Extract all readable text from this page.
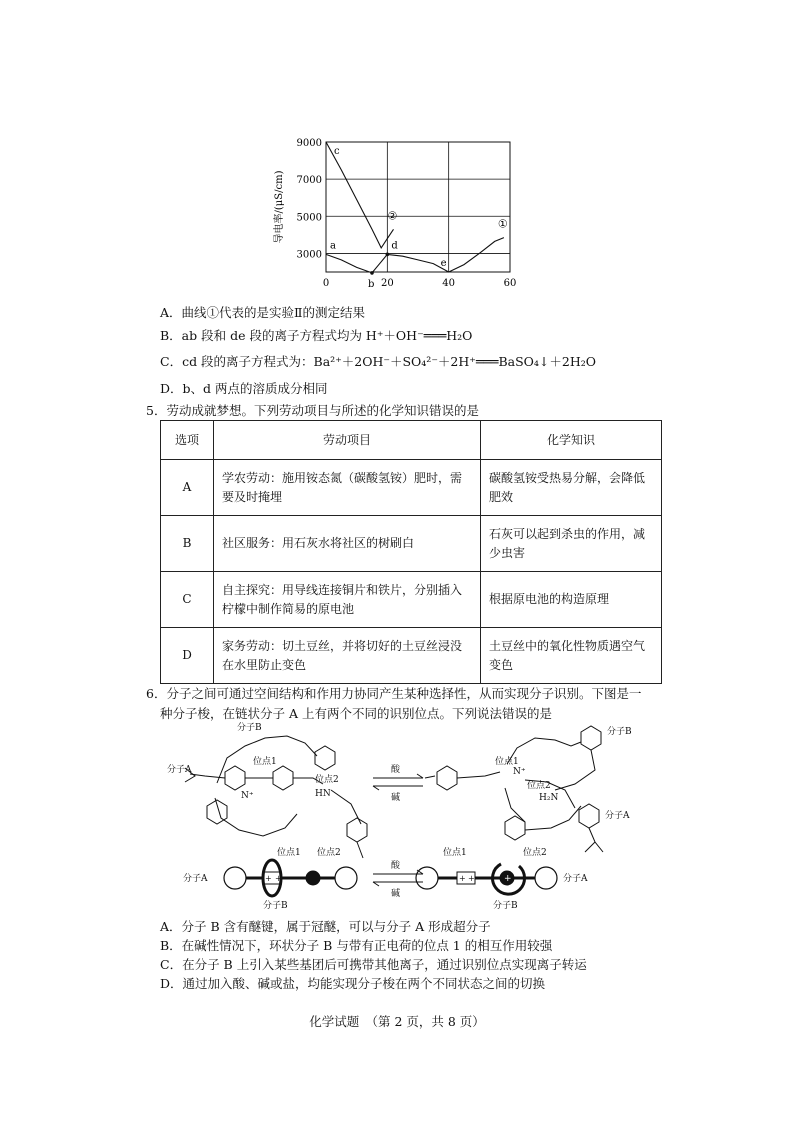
0	20	40	60
3000
5000
7000
9000
导电率/(μS/cm)	①
②
a
b
c
d
e
A．曲线①代表的是实验Ⅱ的测定结果
B．ab 段和 de 段的离子方程式均为 H⁺＋OH⁻═══H₂O
C．cd 段的离子方程式为：Ba²⁺＋2OH⁻＋SO₄²⁻＋2H⁺═══BaSO₄↓＋2H₂O
D．b、d 两点的溶质成分相同
5．劳动成就梦想。下列劳动项目与所述的化学知识错误的是
选项	劳动项目	化学知识
A	学农劳动：施用铵态氮（碳酸氢铵）肥时，需要及时掩埋	碳酸氢铵受热易分解，会降低肥效
B	社区服务：用石灰水将社区的树刷白	石灰可以起到杀虫的作用，减少虫害
C	自主探究：用导线连接铜片和铁片，分别插入柠檬中制作简易的原电池	根据原电池的构造原理
D	家务劳动：切土豆丝，并将切好的土豆丝浸没在水里防止变色	土豆丝中的氧化性物质遇空气变色
6．分子之间可通过空间结构和作用力协同产生某种选择性，从而实现分子识别。下图是一
种分子梭，在链状分子 A 上有两个不同的识别位点。下列说法错误的是
分子A
分子B
位点1
位点2
N⁺	HN
酸
碱
位点1
位点2
N⁺
H₂N
分子B
分子A
+ +
分子A
分子B
位点1 位点2
酸
碱
+ +	+	分子A
分子B
位点1	位点2
A．分子 B 含有醚键，属于冠醚，可以与分子 A 形成超分子
B．在碱性情况下，环状分子 B 与带有正电荷的位点 1 的相互作用较强
C．在分子 B 上引入某些基团后可携带其他离子，通过识别位点实现离子转运
D．通过加入酸、碱或盐，均能实现分子梭在两个不同状态之间的切换
化学试题　（第 2 页，共 8 页）
